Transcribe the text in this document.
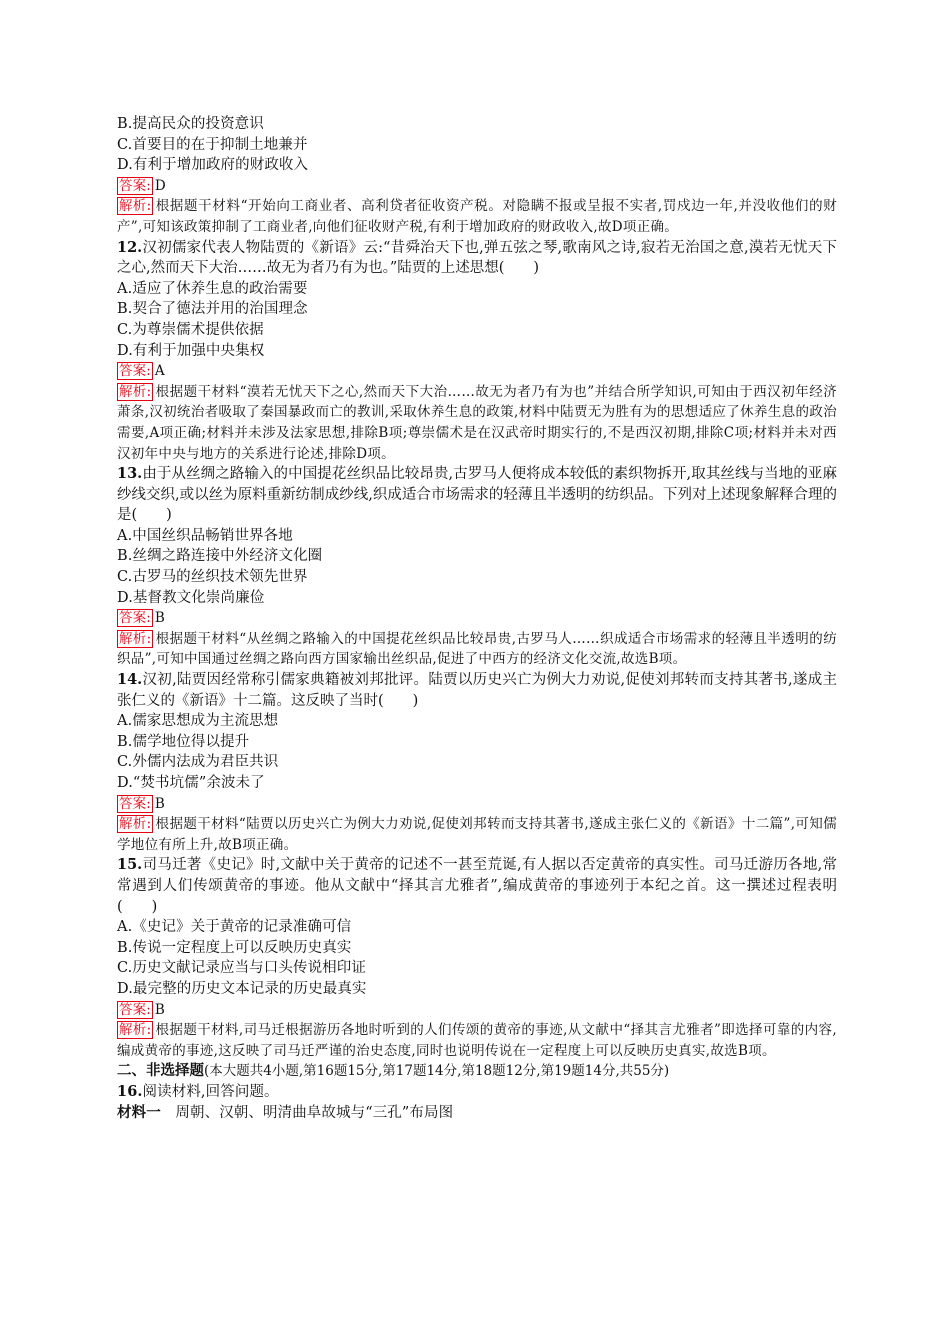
B.提高民众的投资意识
C.首要目的在于抑制土地兼并
D.有利于增加政府的财政收入
答案: D
解析: 根据题干材料“开始向工商业者、高利贷者征收资产税。对隐瞒不报或呈报不实者,罚戍边一年,并没收他们的财产”,可知该政策抑制了工商业者,向他们征收财产税,有利于增加政府的财政收入,故D项正确。
12.汉初儒家代表人物陆贾的《新语》云:“昔舜治天下也,弹五弦之琴,歌南风之诗,寂若无治国之意,漠若无忧天下之心,然而天下大治……故无为者乃有为也。”陆贾的上述思想(　　)
A.适应了休养生息的政治需要
B.契合了德法并用的治国理念
C.为尊崇儒术提供依据
D.有利于加强中央集权
答案: A
解析: 根据题干材料“漠若无忧天下之心,然而天下大治……故无为者乃有为也”并结合所学知识,可知由于西汉初年经济萧条,汉初统治者吸取了秦国暴政而亡的教训,采取休养生息的政策,材料中陆贾无为胜有为的思想适应了休养生息的政治需要,A项正确;材料并未涉及法家思想,排除B项;尊崇儒术是在汉武帝时期实行的,不是西汉初期,排除C项;材料并未对西汉初年中央与地方的关系进行论述,排除D项。
13.由于从丝绸之路输入的中国提花丝织品比较昂贵,古罗马人便将成本较低的素织物拆开,取其丝线与当地的亚麻纱线交织,或以丝为原料重新纺制成纱线,织成适合市场需求的轻薄且半透明的纺织品。下列对上述现象解释合理的是(　　)
A.中国丝织品畅销世界各地
B.丝绸之路连接中外经济文化圈
C.古罗马的丝织技术领先世界
D.基督教文化崇尚廉俭
答案: B
解析: 根据题干材料“从丝绸之路输入的中国提花丝织品比较昂贵,古罗马人……织成适合市场需求的轻薄且半透明的纺织品”,可知中国通过丝绸之路向西方国家输出丝织品,促进了中西方的经济文化交流,故选B项。
14.汉初,陆贾因经常称引儒家典籍被刘邦批评。陆贾以历史兴亡为例大力劝说,促使刘邦转而支持其著书,遂成主张仁义的《新语》十二篇。这反映了当时(　　)
A.儒家思想成为主流思想
B.儒学地位得以提升
C.外儒内法成为君臣共识
D.“焚书坑儒”余波未了
答案: B
解析: 根据题干材料“陆贾以历史兴亡为例大力劝说,促使刘邦转而支持其著书,遂成主张仁义的《新语》十二篇”,可知儒学地位有所上升,故B项正确。
15.司马迁著《史记》时,文献中关于黄帝的记述不一甚至荒诞,有人据以否定黄帝的真实性。司马迁游历各地,常常遇到人们传颂黄帝的事迹。他从文献中“择其言尤雅者”,编成黄帝的事迹列于本纪之首。这一撰述过程表明(　　)
A.《史记》关于黄帝的记录准确可信
B.传说一定程度上可以反映历史真实
C.历史文献记录应当与口头传说相印证
D.最完整的历史文本记录的历史最真实
答案: B
解析: 根据题干材料,司马迁根据游历各地时听到的人们传颂的黄帝的事迹,从文献中“择其言尤雅者”即选择可靠的内容,编成黄帝的事迹,这反映了司马迁严谨的治史态度,同时也说明传说在一定程度上可以反映历史真实,故选B项。
二、非选择题(本大题共4小题,第16题15分,第17题14分,第18题12分,第19题14分,共55分)
16.阅读材料,回答问题。
材料一　周朝、汉朝、明清曲阜故城与“三孔”布局图
